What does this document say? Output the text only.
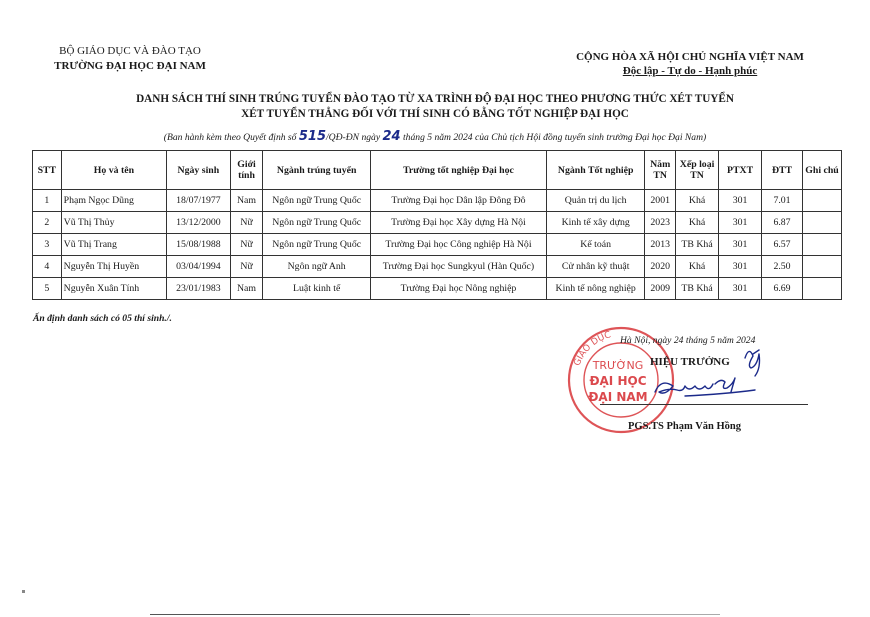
BỘ GIÁO DỤC VÀ ĐÀO TẠO
TRƯỜNG ĐẠI HỌC ĐẠI NAM
CỘNG HÒA XÃ HỘI CHỦ NGHĨA VIỆT NAM
Độc lập - Tự do - Hạnh phúc
DANH SÁCH THÍ SINH TRÚNG TUYỂN ĐÀO TẠO TỪ XA TRÌNH ĐỘ ĐẠI HỌC THEO PHƯƠNG THỨC XÉT TUYỂN
XÉT TUYỂN THẲNG ĐỐI VỚI THÍ SINH CÓ BẰNG TỐT NGHIỆP ĐẠI HỌC
(Ban hành kèm theo Quyết định số 515/QĐ-ĐN ngày 24 tháng 5 năm 2024 của Chủ tịch Hội đồng tuyển sinh trường Đại học Đại Nam)
STT	Họ và tên	Ngày sinh	Giới tính	Ngành trúng tuyển	Trường tốt nghiệp Đại học	Ngành Tốt nghiệp	Năm TN	Xếp loại TN	PTXT	ĐTT	Ghi chú
1	Phạm Ngọc Dũng	18/07/1977	Nam	Ngôn ngữ Trung Quốc	Trường Đại học Dân lập Đông Đô	Quản trị du lịch	2001	Khá	301	7.01	
2	Vũ Thị Thủy	13/12/2000	Nữ	Ngôn ngữ Trung Quốc	Trường Đại học Xây dựng Hà Nội	Kinh tế xây dựng	2023	Khá	301	6.87	
3	Vũ Thị Trang	15/08/1988	Nữ	Ngôn ngữ Trung Quốc	Trường Đại học Công nghiệp Hà Nội	Kế toán	2013	TB Khá	301	6.57	
4	Nguyễn Thị Huyền	03/04/1994	Nữ	Ngôn ngữ Anh	Trường Đại học Sungkyul (Hàn Quốc)	Cử nhân kỹ thuật	2020	Khá	301	2.50	
5	Nguyễn Xuân Tính	23/01/1983	Nam	Luật kinh tế	Trường Đại học Nông nghiệp	Kinh tế nông nghiệp	2009	TB Khá	301	6.69	
Ấn định danh sách có 05 thí sinh./.
GIÁO DỤC
TRƯỜNG
ĐẠI HỌC
ĐẠI NAM
Hà Nội, ngày 24 tháng 5 năm 2024
HIỆU TRƯỞNG
PGS.TS Phạm Văn Hồng
